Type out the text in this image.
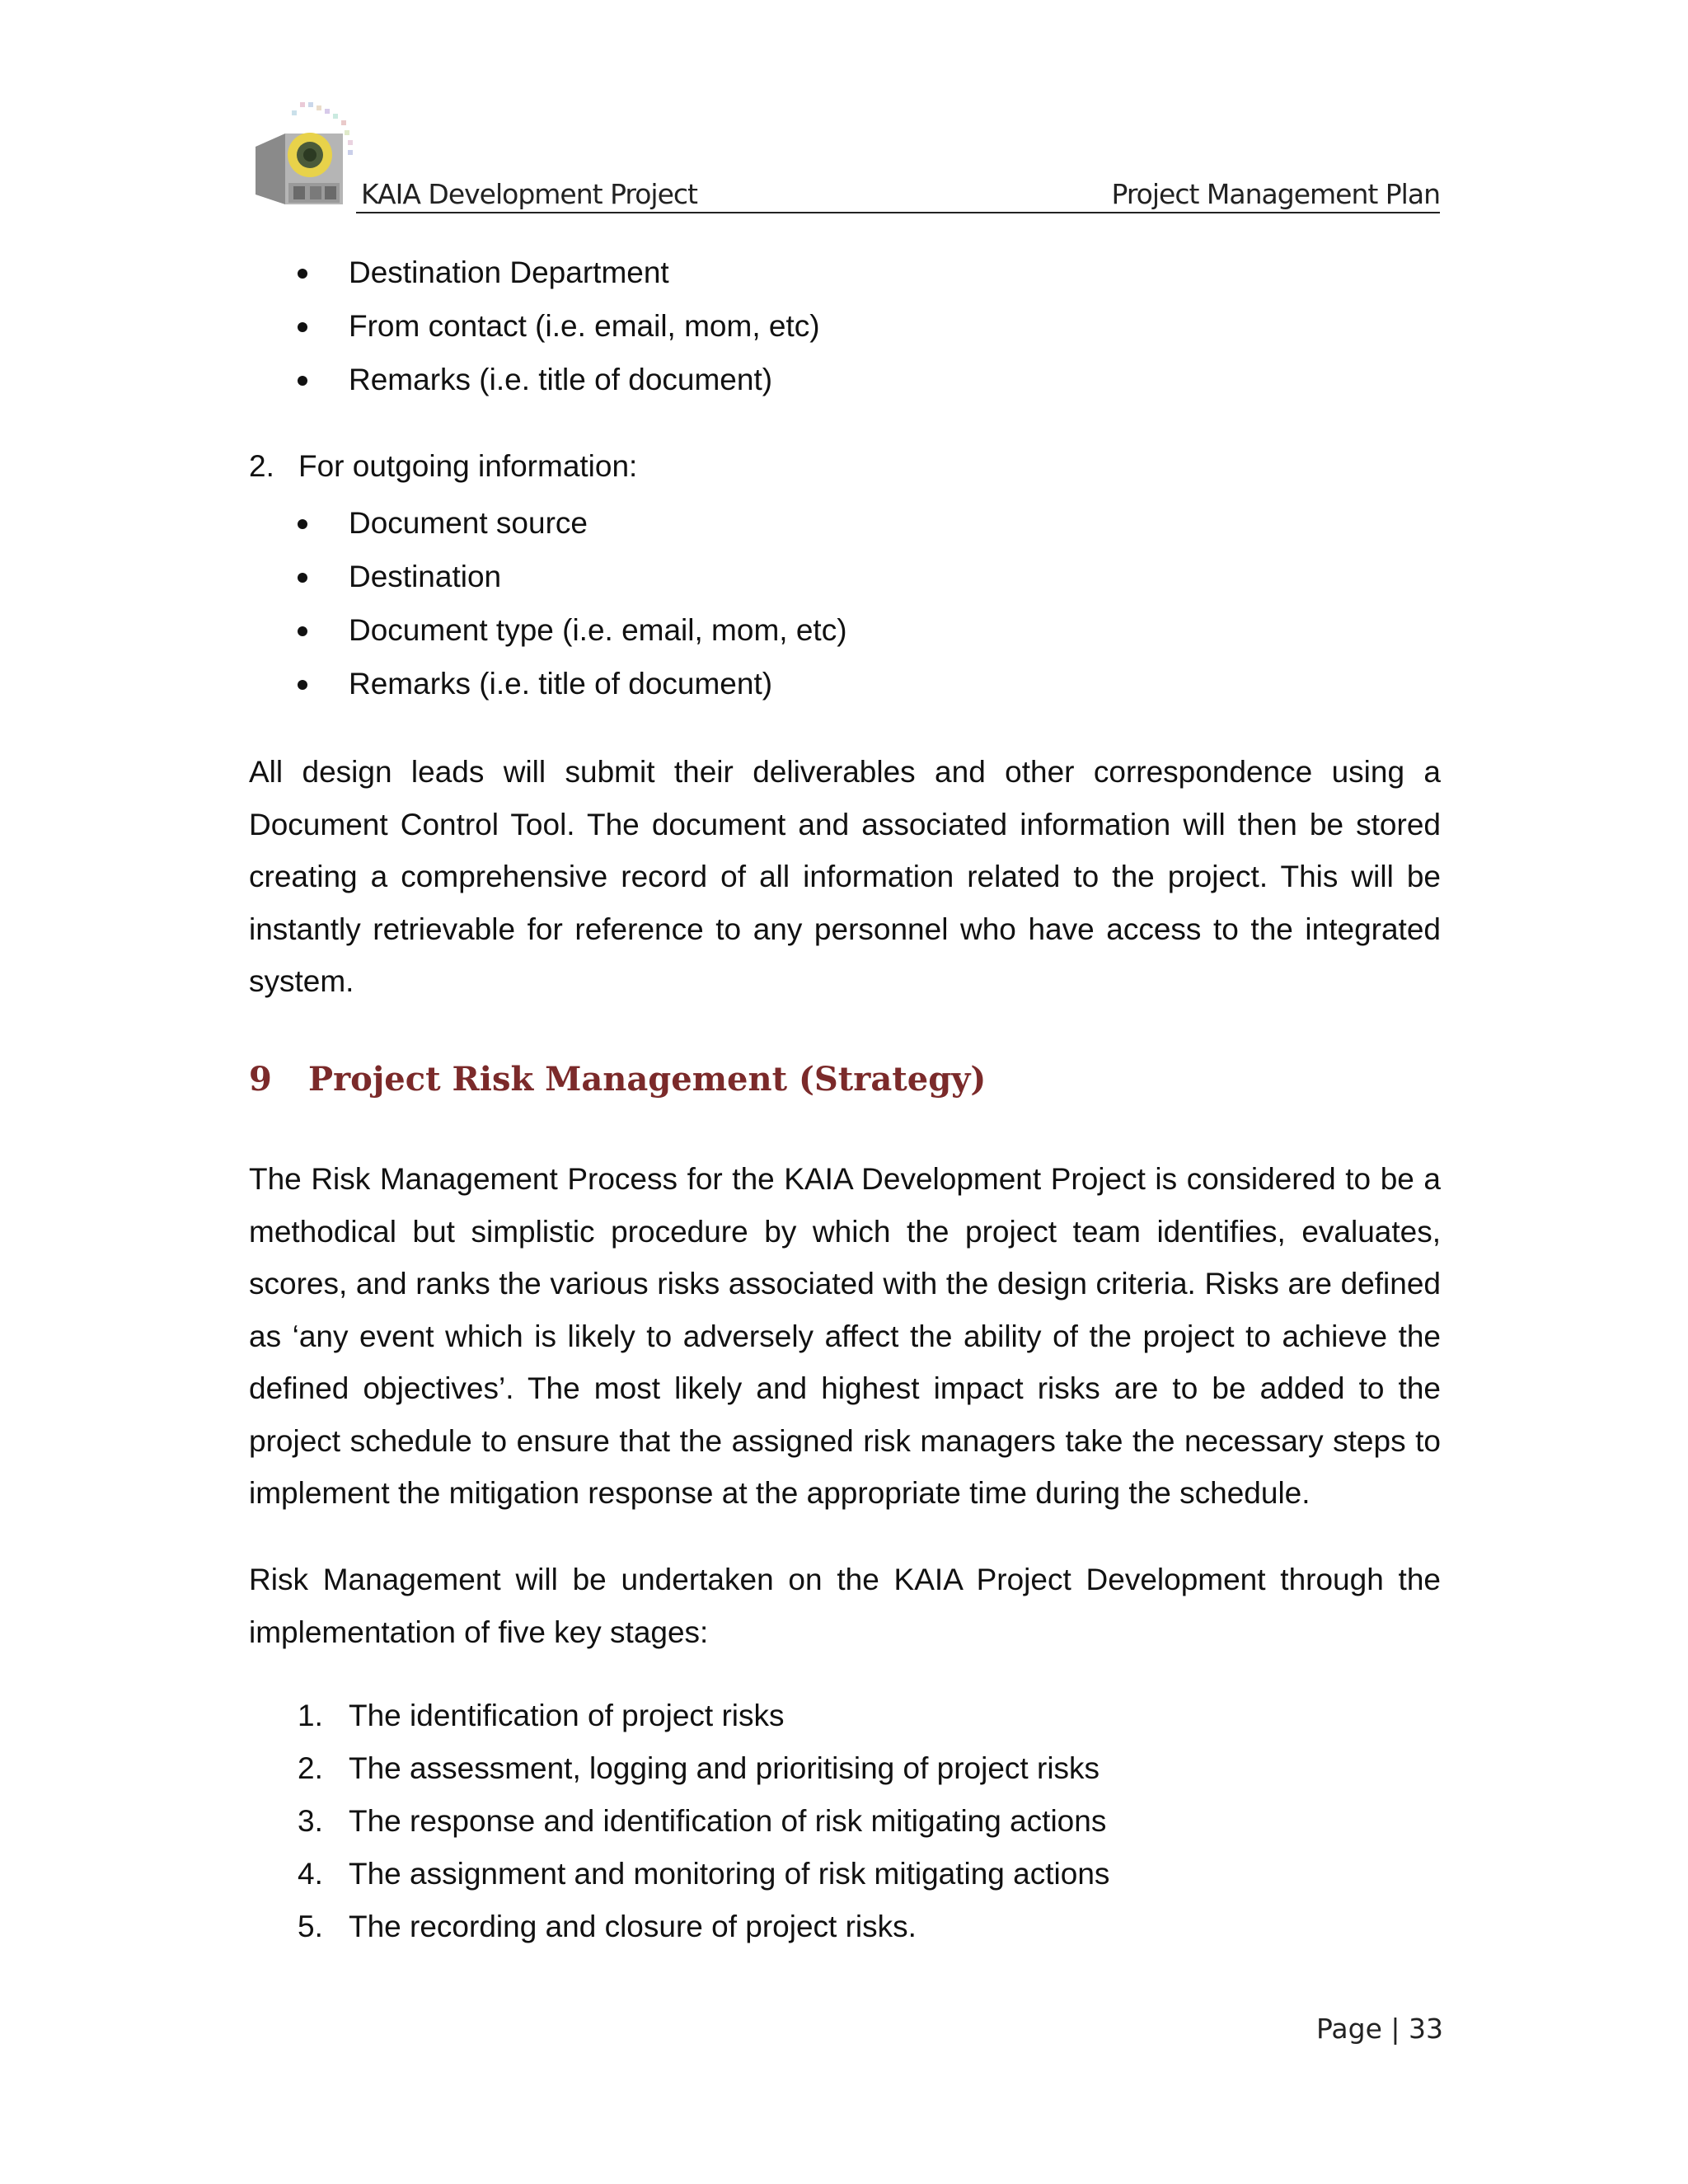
KAIA Development Project	Project Management Plan
Destination Department
From contact (i.e. email, mom, etc)
Remarks (i.e. title of document)
2. For outgoing information:
Document source
Destination
Document type (i.e. email, mom, etc)
Remarks (i.e. title of document)

All design leads will submit their deliverables and other correspondence using a Document Control Tool. The document and associated information will then be stored creating a comprehensive record of all information related to the project. This will be instantly retrievable for reference to any personnel who have access to the integrated system.

9 Project Risk Management (Strategy)

The Risk Management Process for the KAIA Development Project is considered to be a methodical but simplistic procedure by which the project team identifies, evaluates, scores, and ranks the various risks associated with the design criteria. Risks are defined as ‘any event which is likely to adversely affect the ability of the project to achieve the defined objectives’. The most likely and highest impact risks are to be added to the project schedule to ensure that the assigned risk managers take the necessary steps to implement the mitigation response at the appropriate time during the schedule.

Risk Management will be undertaken on the KAIA Project Development through the implementation of five key stages:

1. The identification of project risks
2. The assessment, logging and prioritising of project risks
3. The response and identification of risk mitigating actions
4. The assignment and monitoring of risk mitigating actions
5. The recording and closure of project risks.
Page | 33
